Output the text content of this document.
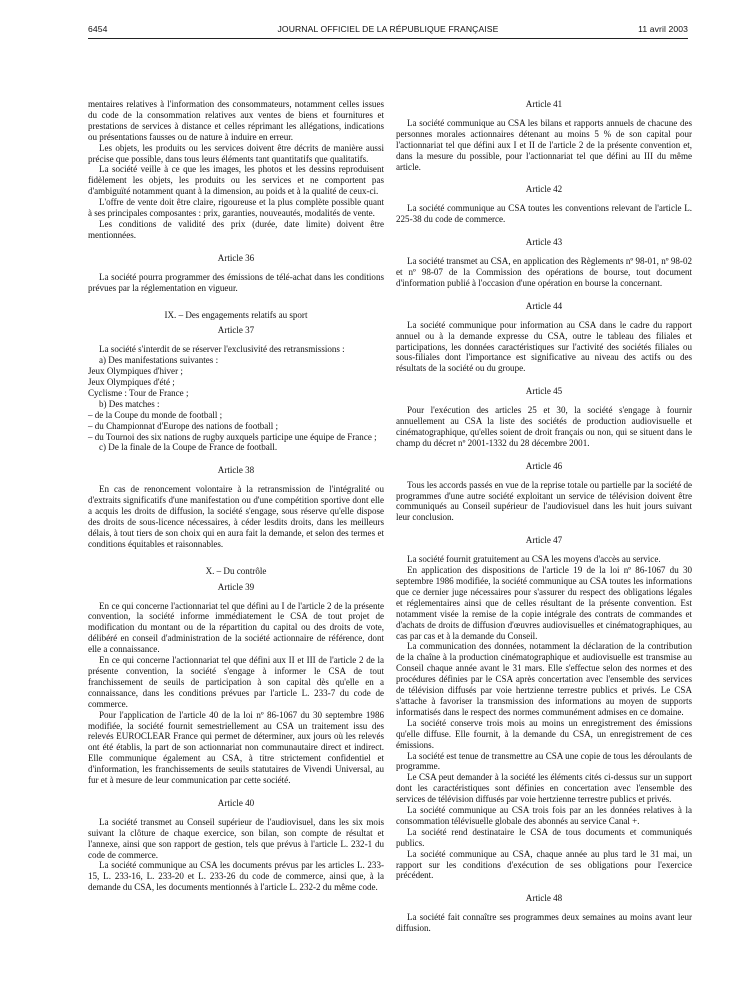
6454	JOURNAL OFFICIEL DE LA RÉPUBLIQUE FRANÇAISE	11 avril 2003

mentaires relatives à l'information des consommateurs, notamment celles issues du code de la consommation relatives aux ventes de biens et fournitures et prestations de services à distance et celles réprimant les allégations, indications ou présentations fausses ou de nature à induire en erreur.

Les objets, les produits ou les services doivent être décrits de manière aussi précise que possible, dans tous leurs éléments tant quantitatifs que qualitatifs.

La société veille à ce que les images, les photos et les dessins reproduisent fidèlement les objets, les produits ou les services et ne comportent pas d'ambiguïté notamment quant à la dimension, au poids et à la qualité de ceux-ci.

L'offre de vente doit être claire, rigoureuse et la plus complète possible quant à ses principales composantes : prix, garanties, nouveautés, modalités de vente.

Les conditions de validité des prix (durée, date limite) doivent être mentionnées.

Article 36

La société pourra programmer des émissions de télé-achat dans les conditions prévues par la réglementation en vigueur.

IX. – Des engagements relatifs au sport
Article 37

La société s'interdit de se réserver l'exclusivité des retransmissions :

a) Des manifestations suivantes :

Jeux Olympiques d'hiver ;
Jeux Olympiques d'été ;
Cyclisme : Tour de France ;

b) Des matches :

– de la Coupe du monde de football ;
– du Championnat d'Europe des nations de football ;
– du Tournoi des six nations de rugby auxquels participe une équipe de France ;

c) De la finale de la Coupe de France de football.

Article 38

En cas de renoncement volontaire à la retransmission de l'intégralité ou d'extraits significatifs d'une manifestation ou d'une compétition sportive dont elle a acquis les droits de diffusion, la société s'engage, sous réserve qu'elle dispose des droits de sous-licence nécessaires, à céder lesdits droits, dans les meilleurs délais, à tout tiers de son choix qui en aura fait la demande, et selon des termes et conditions équitables et raisonnables.

X. – Du contrôle
Article 39

En ce qui concerne l'actionnariat tel que défini au I de l'article 2 de la présente convention, la société informe immédiatement le CSA de tout projet de modification du montant ou de la répartition du capital ou des droits de vote, délibéré en conseil d'administration de la société actionnaire de référence, dont elle a connaissance.

En ce qui concerne l'actionnariat tel que défini aux II et III de l'article 2 de la présente convention, la société s'engage à informer le CSA de tout franchissement de seuils de participation à son capital dès qu'elle en a connaissance, dans les conditions prévues par l'article L. 233-7 du code de commerce.

Pour l'application de l'article 40 de la loi nº 86-1067 du 30 septembre 1986 modifiée, la société fournit semestriellement au CSA un traitement issu des relevés EUROCLEAR France qui permet de déterminer, aux jours où les relevés ont été établis, la part de son actionnariat non communautaire direct et indirect. Elle communique également au CSA, à titre strictement confidentiel et d'information, les franchissements de seuils statutaires de Vivendi Universal, au fur et à mesure de leur communication par cette société.

Article 40

La société transmet au Conseil supérieur de l'audiovisuel, dans les six mois suivant la clôture de chaque exercice, son bilan, son compte de résultat et l'annexe, ainsi que son rapport de gestion, tels que prévus à l'article L. 232-1 du code de commerce.

La société communique au CSA les documents prévus par les articles L. 233-15, L. 233-16, L. 233-20 et L. 233-26 du code de commerce, ainsi que, à la demande du CSA, les documents mentionnés à l'article L. 232-2 du même code.

Article 41

La société communique au CSA les bilans et rapports annuels de chacune des personnes morales actionnaires détenant au moins 5 % de son capital pour l'actionnariat tel que défini aux I et II de l'article 2 de la présente convention et, dans la mesure du possible, pour l'actionnariat tel que défini au III du même article.

Article 42

La société communique au CSA toutes les conventions relevant de l'article L. 225-38 du code de commerce.

Article 43

La société transmet au CSA, en application des Règlements nº 98-01, nº 98-02 et nº 98-07 de la Commission des opérations de bourse, tout document d'information publié à l'occasion d'une opération en bourse la concernant.

Article 44

La société communique pour information au CSA dans le cadre du rapport annuel ou à la demande expresse du CSA, outre le tableau des filiales et participations, les données caractéristiques sur l'activité des sociétés filiales ou sous-filiales dont l'importance est significative au niveau des actifs ou des résultats de la société ou du groupe.

Article 45

Pour l'exécution des articles 25 et 30, la société s'engage à fournir annuellement au CSA la liste des sociétés de production audiovisuelle et cinématographique, qu'elles soient de droit français ou non, qui se situent dans le champ du décret nº 2001-1332 du 28 décembre 2001.

Article 46

Tous les accords passés en vue de la reprise totale ou partielle par la société de programmes d'une autre société exploitant un service de télévision doivent être communiqués au Conseil supérieur de l'audiovisuel dans les huit jours suivant leur conclusion.

Article 47

La société fournit gratuitement au CSA les moyens d'accès au service.

En application des dispositions de l'article 19 de la loi nº 86-1067 du 30 septembre 1986 modifiée, la société communique au CSA toutes les informations que ce dernier juge nécessaires pour s'assurer du respect des obligations légales et réglementaires ainsi que de celles résultant de la présente convention. Est notamment visée la remise de la copie intégrale des contrats de commandes et d'achats de droits de diffusion d'œuvres audiovisuelles et cinématographiques, au cas par cas et à la demande du Conseil.

La communication des données, notamment la déclaration de la contribution de la chaîne à la production cinématographique et audiovisuelle est transmise au Conseil chaque année avant le 31 mars. Elle s'effectue selon des normes et des procédures définies par le CSA après concertation avec l'ensemble des services de télévision diffusés par voie hertzienne terrestre publics et privés. Le CSA s'attache à favoriser la transmission des informations au moyen de supports informatisés dans le respect des normes communément admises en ce domaine.

La société conserve trois mois au moins un enregistrement des émissions qu'elle diffuse. Elle fournit, à la demande du CSA, un enregistrement de ces émissions.

La société est tenue de transmettre au CSA une copie de tous les déroulants de programme.

Le CSA peut demander à la société les éléments cités ci-dessus sur un support dont les caractéristiques sont définies en concertation avec l'ensemble des services de télévision diffusés par voie hertzienne terrestre publics et privés.

La société communique au CSA trois fois par an les données relatives à la consommation télévisuelle globale des abonnés au service Canal +.

La société rend destinataire le CSA de tous documents et communiqués publics.

La société communique au CSA, chaque année au plus tard le 31 mai, un rapport sur les conditions d'exécution de ses obligations pour l'exercice précédent.

Article 48

La société fait connaître ses programmes deux semaines au moins avant leur diffusion.
